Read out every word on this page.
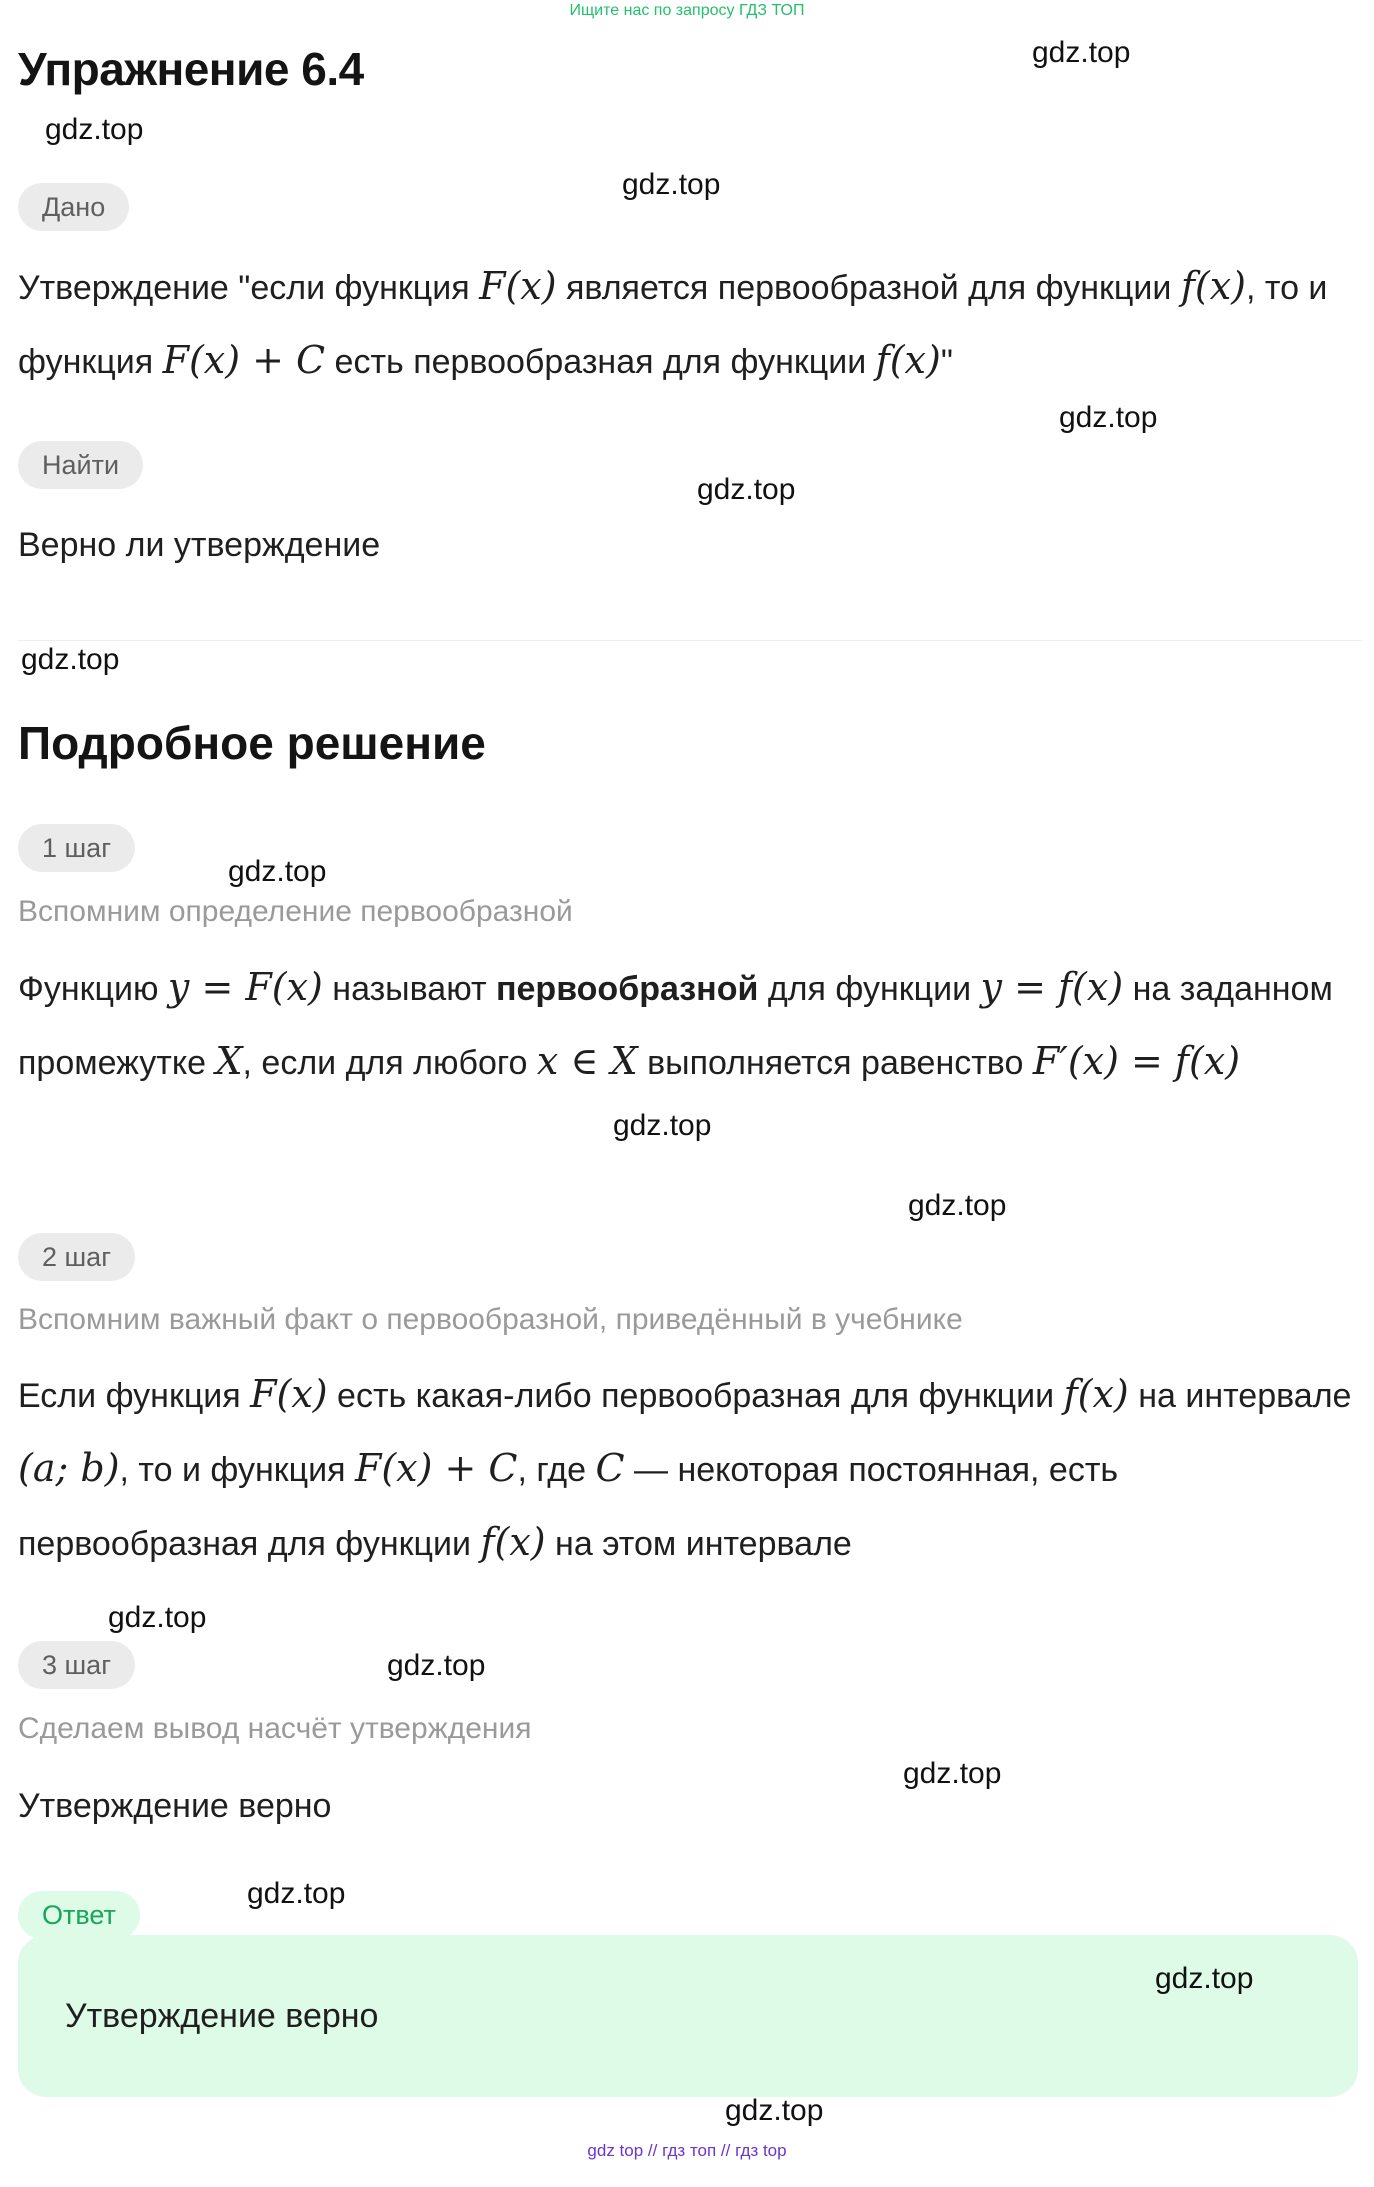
Ищите нас по запросу ГДЗ ТОП
Упражнение 6.4
Дано
Утверждение "если функция F(x) является первообразной для функции f(x), то и функция F(x) + C есть первообразная для функции f(x)"
Найти
Верно ли утверждение
Подробное решение
1 шаг
Вспомним определение первообразной
Функцию y = F(x) называют первообразной для функции y = f(x) на заданном промежутке X, если для любого x ∈ X выполняется равенство F′(x) = f(x)
2 шаг
Вспомним важный факт о первообразной, приведённый в учебнике
Если функция F(x) есть какая-либо первообразная для функции f(x) на интервале (a; b), то и функция F(x) + C, где C — некоторая постоянная, есть первообразная для функции f(x) на этом интервале
3 шаг
Сделаем вывод насчёт утверждения
Утверждение верно
Ответ
Утверждение верно
gdz.top
gdz.top
gdz.top
gdz.top
gdz.top
gdz.top
gdz.top
gdz.top
gdz.top
gdz.top
gdz.top
gdz.top
gdz.top
gdz.top
gdz.top
gdz top // гдз топ // гдз top
